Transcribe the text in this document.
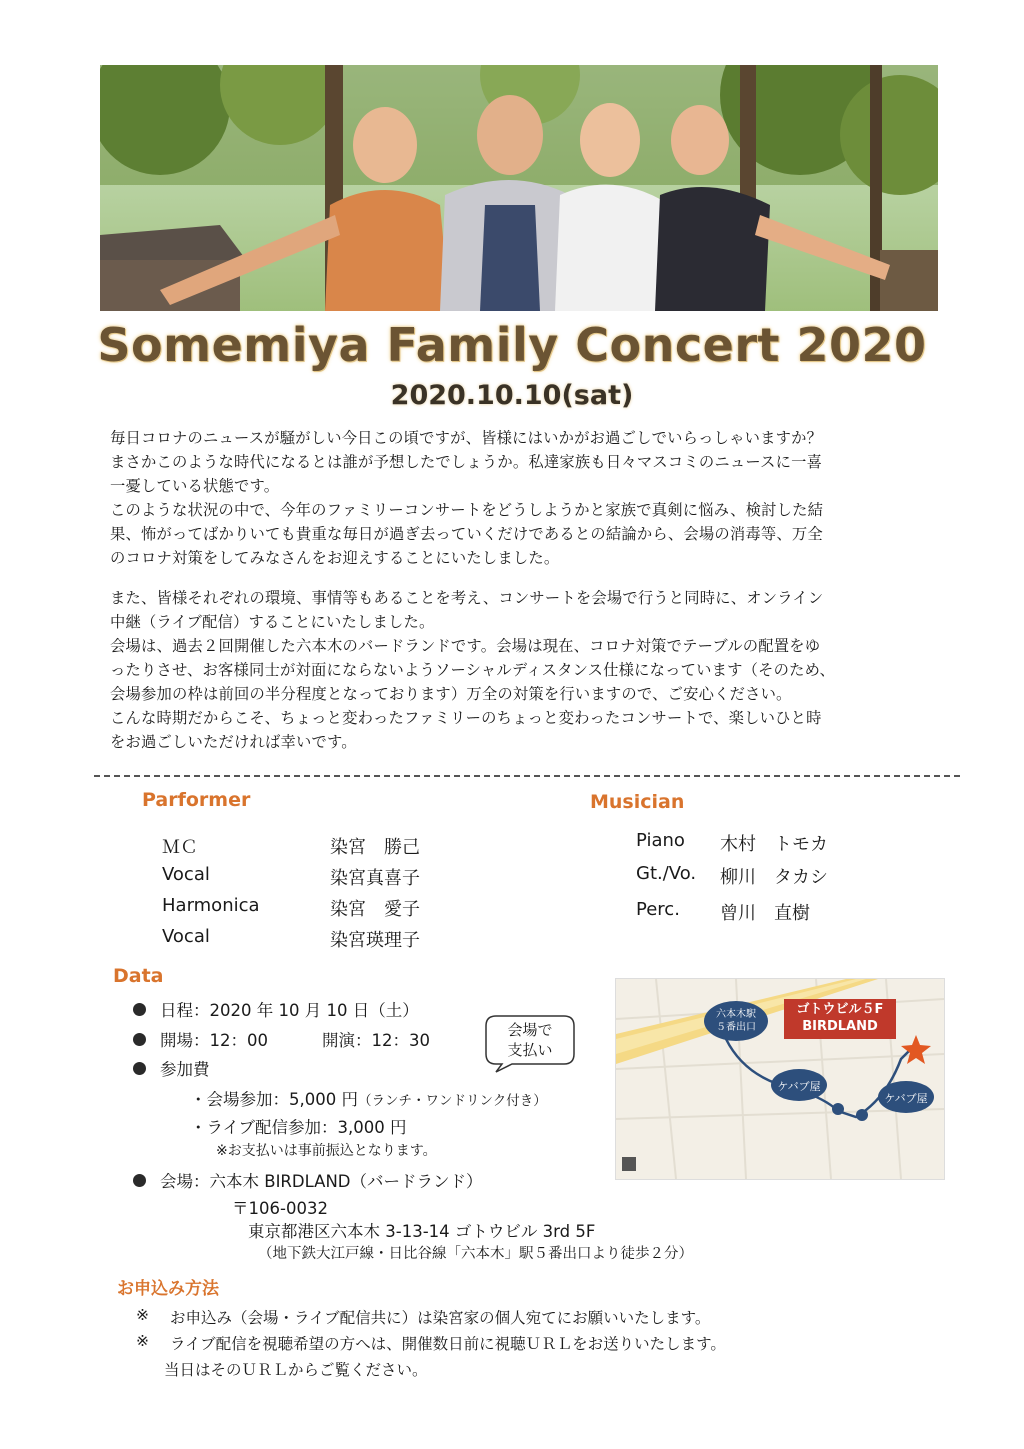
Somemiya Family Concert 2020
2020.10.10(sat)

毎日コロナのニュースが騒がしい今日この頃ですが、皆様にはいかがお過ごしでいらっしゃいますか？

まさかこのような時代になるとは誰が予想したでしょうか。私達家族も日々マスコミのニュースに一喜

一憂している状態です。

このような状況の中で、今年のファミリーコンサートをどうしようかと家族で真剣に悩み、検討した結

果、怖がってばかりいても貴重な毎日が過ぎ去っていくだけであるとの結論から、会場の消毒等、万全

のコロナ対策をしてみなさんをお迎えすることにいたしました。

また、皆様それぞれの環境、事情等もあることを考え、コンサートを会場で行うと同時に、オンライン

中継（ライブ配信）することにいたしました。

会場は、過去２回開催した六本木のバードランドです。会場は現在、コロナ対策でテーブルの配置をゆ

ったりさせ、お客様同士が対面にならないようソーシャルディスタンス仕様になっています（そのため、

会場参加の枠は前回の半分程度となっております）万全の対策を行いますので、ご安心ください。

こんな時期だからこそ、ちょっと変わったファミリーのちょっと変わったコンサートで、楽しいひと時

をお過ごしいただければ幸いです。

Parformer
ＭＣ	染宮　勝己
Vocal	染宮真喜子
Harmonica	染宮　愛子
Vocal	染宮瑛理子
Musician
Piano 木村　トモカ
Gt./Vo. 柳川　タカシ
Perc. 曾川　直樹
Data
日程：2020 年 10 月 10 日（土）
開場：12：00	開演：12：30
参加費
・会場参加：5,000 円（ランチ・ワンドリンク付き）
・ライブ配信参加：3,000 円
※お支払いは事前振込となります。
会場：六本木 BIRDLAND（バードランド）
〒106-0032
東京都港区六本木 3-13-14 ゴトウビル 3rd 5F
（地下鉄大江戸線・日比谷線「六本木」駅５番出口より徒歩２分）
会場で
支払い
六本木駅
５番出口
ゴトウビル５F
BIRDLAND
ケバブ屋
ケバブ屋
お申込み方法
※ お申込み（会場・ライブ配信共に）は染宮家の個人宛てにお願いいたします。
※ ライブ配信を視聴希望の方へは、開催数日前に視聴ＵＲＬをお送りいたします。
当日はそのＵＲＬからご覧ください。
